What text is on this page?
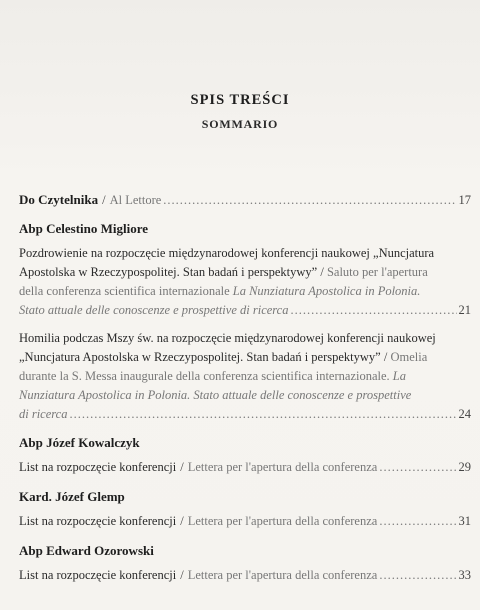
SPIS TREŚCI
SOMMARIO
Do Czytelnika / Al Lettore .....	17
Abp Celestino Migliore
Pozdrowienie na rozpoczęcie międzynarodowej konferencji naukowej „Nuncjatura
Apostolska w Rzeczypospolitej. Stan badań i perspektywy” / Saluto per l'apertura
della conferenza scientifica internazionale La Nunziatura Apostolica in Polonia.
Stato attuale delle conoscenze e prospettive di ricerca .....	21
Homilia podczas Mszy św. na rozpoczęcie międzynarodowej konferencji naukowej
„Nuncjatura Apostolska w Rzeczypospolitej. Stan badań i perspektywy” / Omelia
durante la S. Messa inaugurale della conferenza scientifica internazionale. La
Nunziatura Apostolica in Polonia. Stato attuale delle conoscenze e prospettive
di ricerca .....	24
Abp Józef Kowalczyk
List na rozpoczęcie konferencji / Lettera per l'apertura della conferenza .....	29
Kard. Józef Glemp
List na rozpoczęcie konferencji / Lettera per l'apertura della conferenza .....	31
Abp Edward Ozorowski
List na rozpoczęcie konferencji / Lettera per l'apertura della conferenza .....	33
